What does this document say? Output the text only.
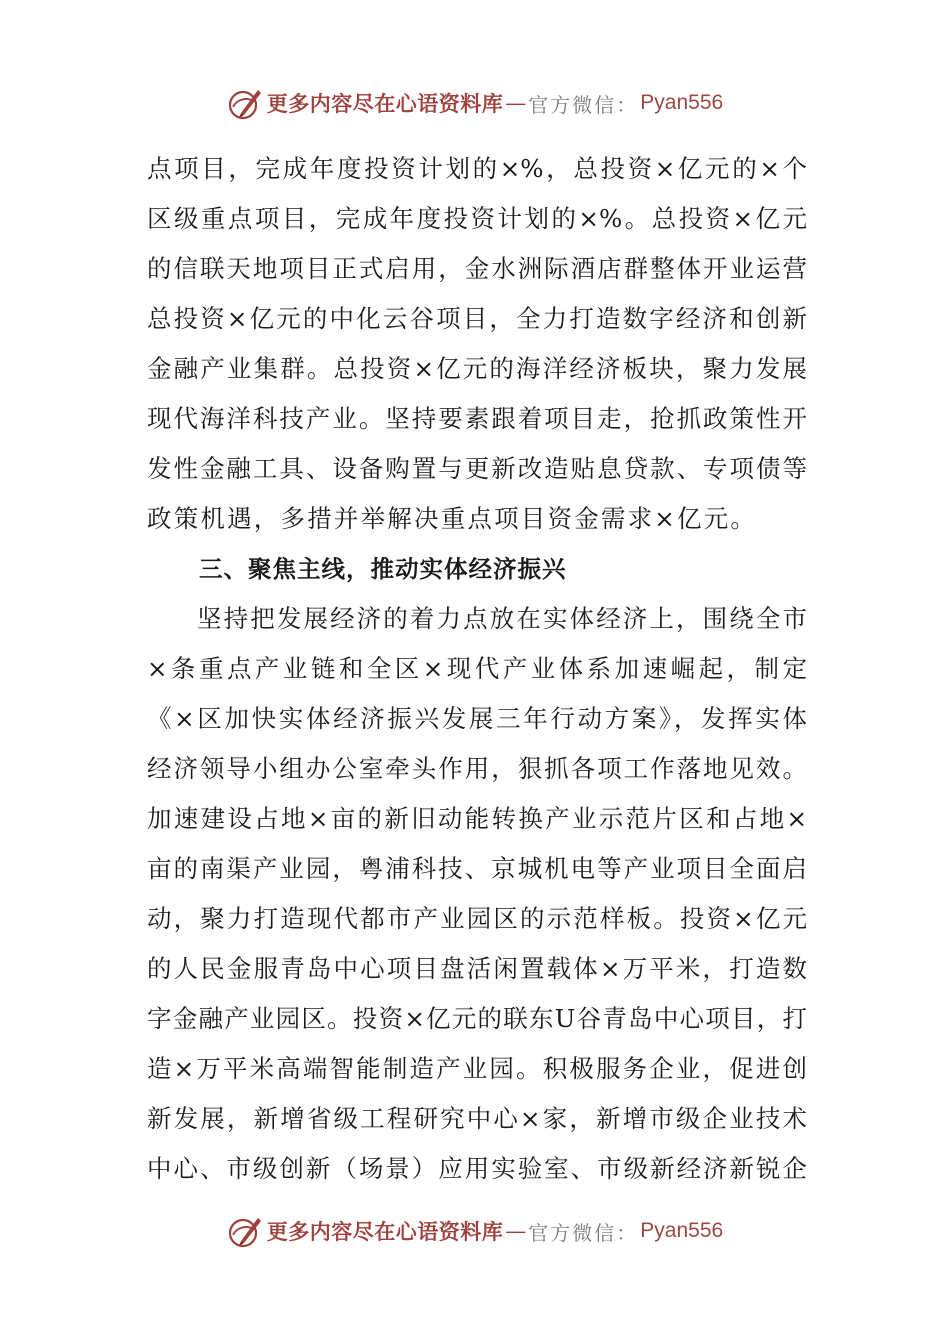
更多内容尽在心语资料库 — 官方微信： Pyan556
点项目，完成年度投资计划的×%，总投资×亿元的×个
区级重点项目，完成年度投资计划的×%。总投资×亿元
的信联天地项目正式启用，金水洲际酒店群整体开业运营
总投资×亿元的中化云谷项目，全力打造数字经济和创新
金融产业集群。总投资×亿元的海洋经济板块，聚力发展
现代海洋科技产业。坚持要素跟着项目走，抢抓政策性开
发性金融工具、设备购置与更新改造贴息贷款、专项债等
政策机遇，多措并举解决重点项目资金需求×亿元。
三、聚焦主线，推动实体经济振兴
坚持把发展经济的着力点放在实体经济上，围绕全市
×条重点产业链和全区×现代产业体系加速崛起，制定
《×区加快实体经济振兴发展三年行动方案》，发挥实体
经济领导小组办公室牵头作用，狠抓各项工作落地见效。
加速建设占地×亩的新旧动能转换产业示范片区和占地×
亩的南渠产业园，粤浦科技、京城机电等产业项目全面启
动，聚力打造现代都市产业园区的示范样板。投资×亿元
的人民金服青岛中心项目盘活闲置载体×万平米，打造数
字金融产业园区。投资×亿元的联东U谷青岛中心项目，打
造×万平米高端智能制造产业园。积极服务企业，促进创
新发展，新增省级工程研究中心×家，新增市级企业技术
中心、市级创新（场景）应用实验室、市级新经济新锐企
更多内容尽在心语资料库 — 官方微信： Pyan556
